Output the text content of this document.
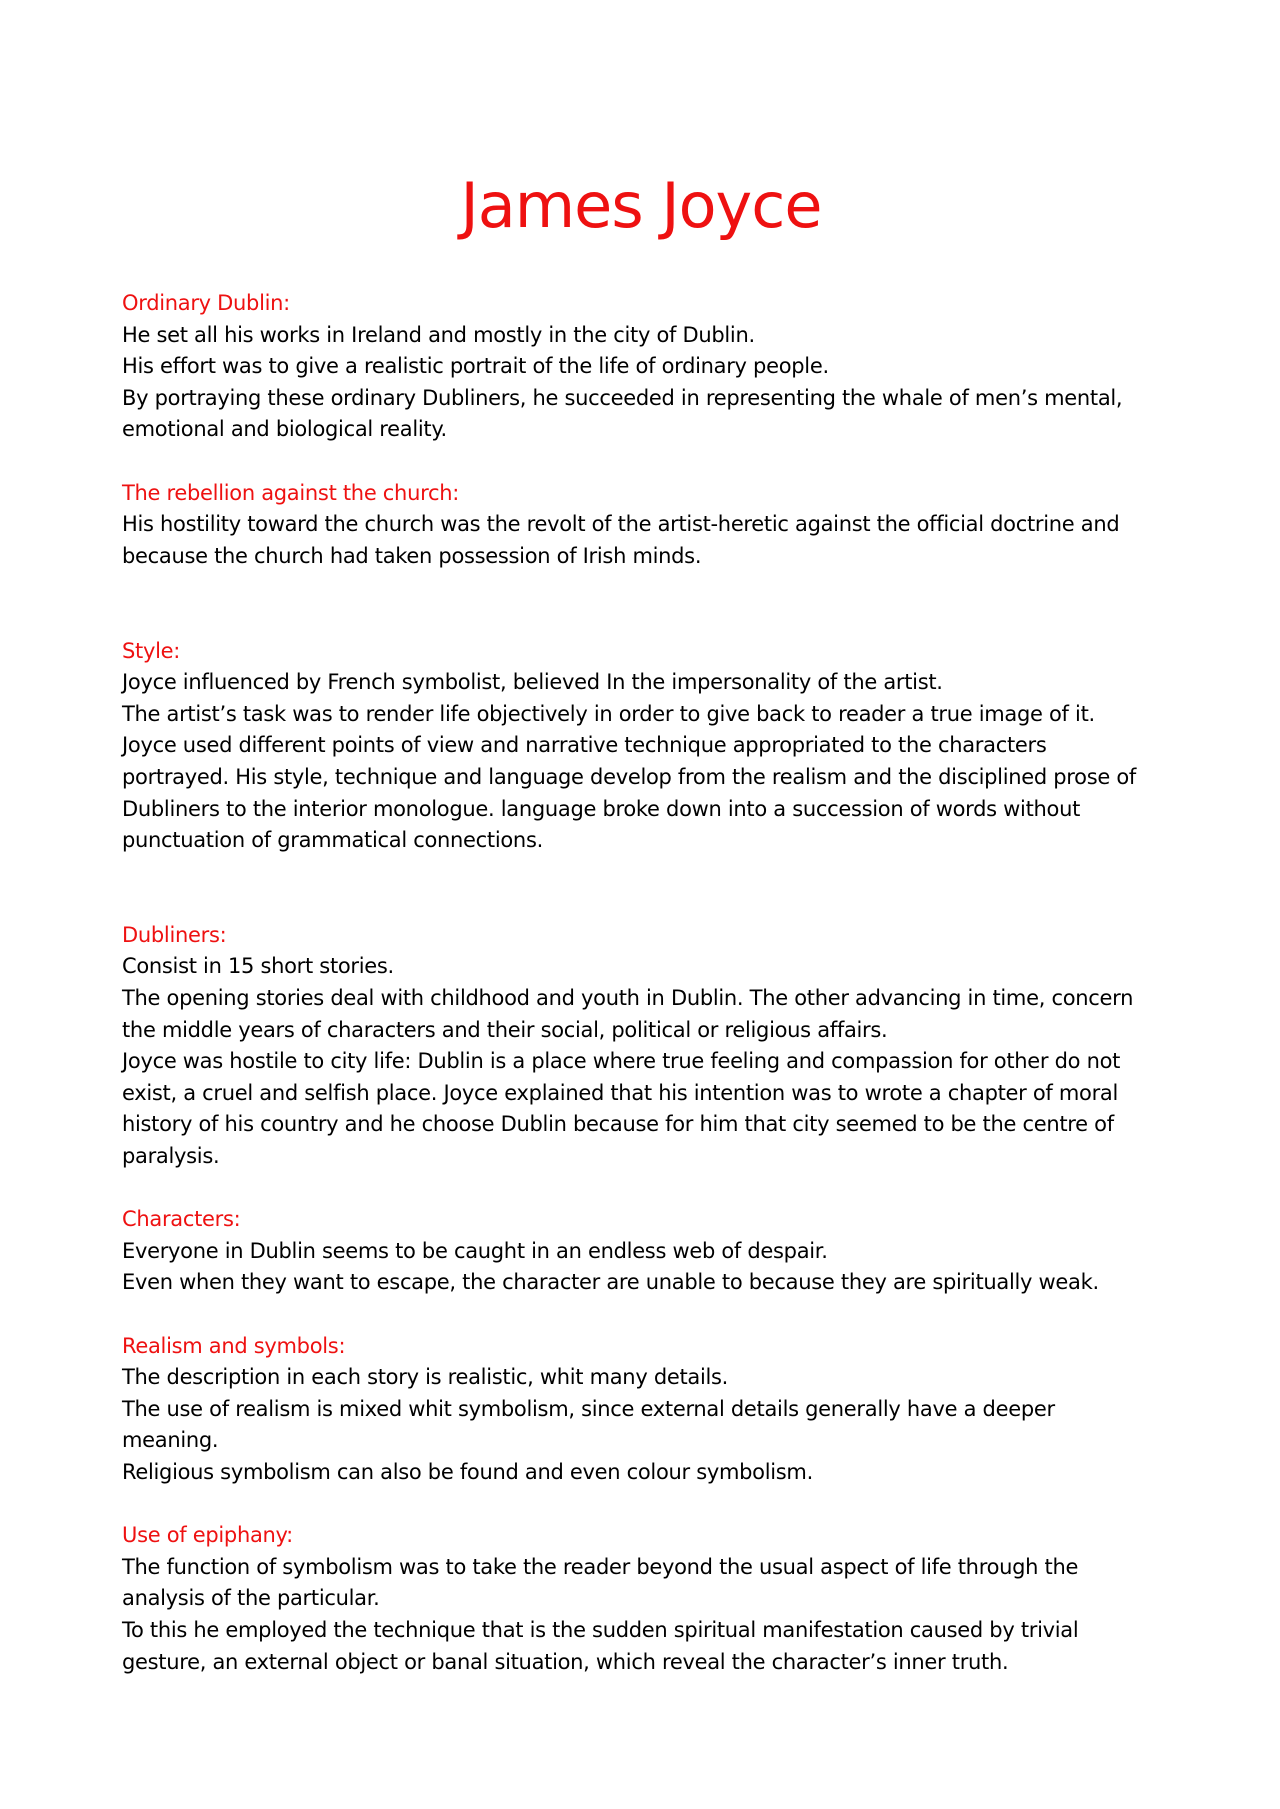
James Joyce
Ordinary Dublin:
He set all his works in Ireland and mostly in the city of Dublin.
His effort was to give a realistic portrait of the life of ordinary people.
By portraying these ordinary Dubliners, he succeeded in representing the whale of men’s mental,
emotional and biological reality.
The rebellion against the church:
His hostility toward the church was the revolt of the artist-heretic against the official doctrine and
because the church had taken possession of Irish minds.
Style:
Joyce influenced by French symbolist, believed In the impersonality of the artist.
The artist’s task was to render life objectively in order to give back to reader a true image of it.
Joyce used different points of view and narrative technique appropriated to the characters
portrayed. His style, technique and language develop from the realism and the disciplined prose of
Dubliners to the interior monologue. language broke down into a succession of words without
punctuation of grammatical connections.
Dubliners:
Consist in 15 short stories.
The opening stories deal with childhood and youth in Dublin. The other advancing in time, concern
the middle years of characters and their social, political or religious affairs.
Joyce was hostile to city life: Dublin is a place where true feeling and compassion for other do not
exist, a cruel and selfish place. Joyce explained that his intention was to wrote a chapter of moral
history of his country and he choose Dublin because for him that city seemed to be the centre of
paralysis.
Characters:
Everyone in Dublin seems to be caught in an endless web of despair.
Even when they want to escape, the character are unable to because they are spiritually weak.
Realism and symbols:
The description in each story is realistic, whit many details.
The use of realism is mixed whit symbolism, since external details generally have a deeper
meaning.
Religious symbolism can also be found and even colour symbolism.
Use of epiphany:
The function of symbolism was to take the reader beyond the usual aspect of life through the
analysis of the particular.
To this he employed the technique that is the sudden spiritual manifestation caused by trivial
gesture, an external object or banal situation, which reveal the character’s inner truth.
